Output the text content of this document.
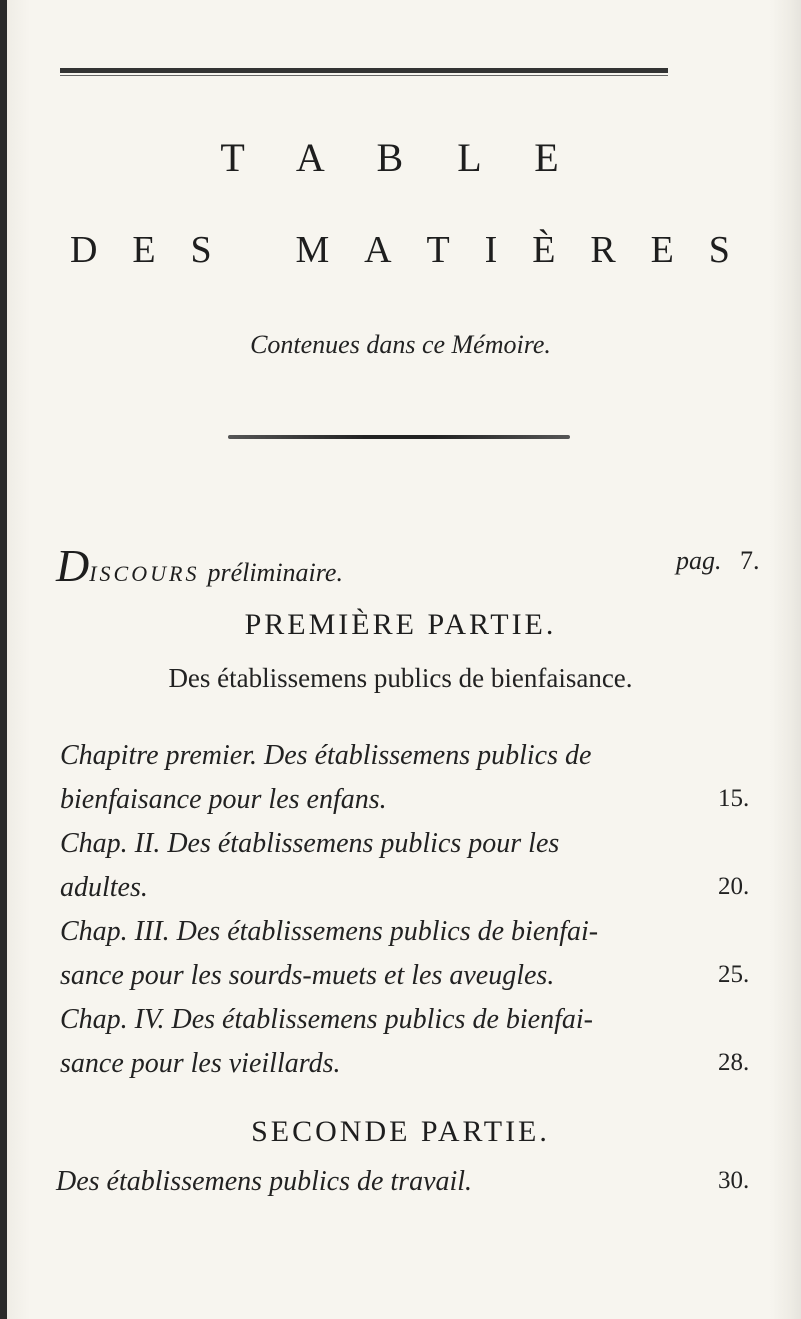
T A B L E
D E S M A T I È R E S
Contenues dans ce Mémoire.
DISCOURS préliminaire.	pag. 7.
PREMIÈRE PARTIE.
Des établissemens publics de bienfaisance.
Chapitre premier. Des établissemens publics de
bienfaisance pour les enfans.	15.
Chap. II. Des établissemens publics pour les
adultes.	20.
Chap. III. Des établissemens publics de bienfai-
sance pour les sourds-muets et les aveugles.	25.
Chap. IV. Des établissemens publics de bienfai-
sance pour les vieillards.	28.
SECONDE PARTIE.
Des établissemens publics de travail.	30.
